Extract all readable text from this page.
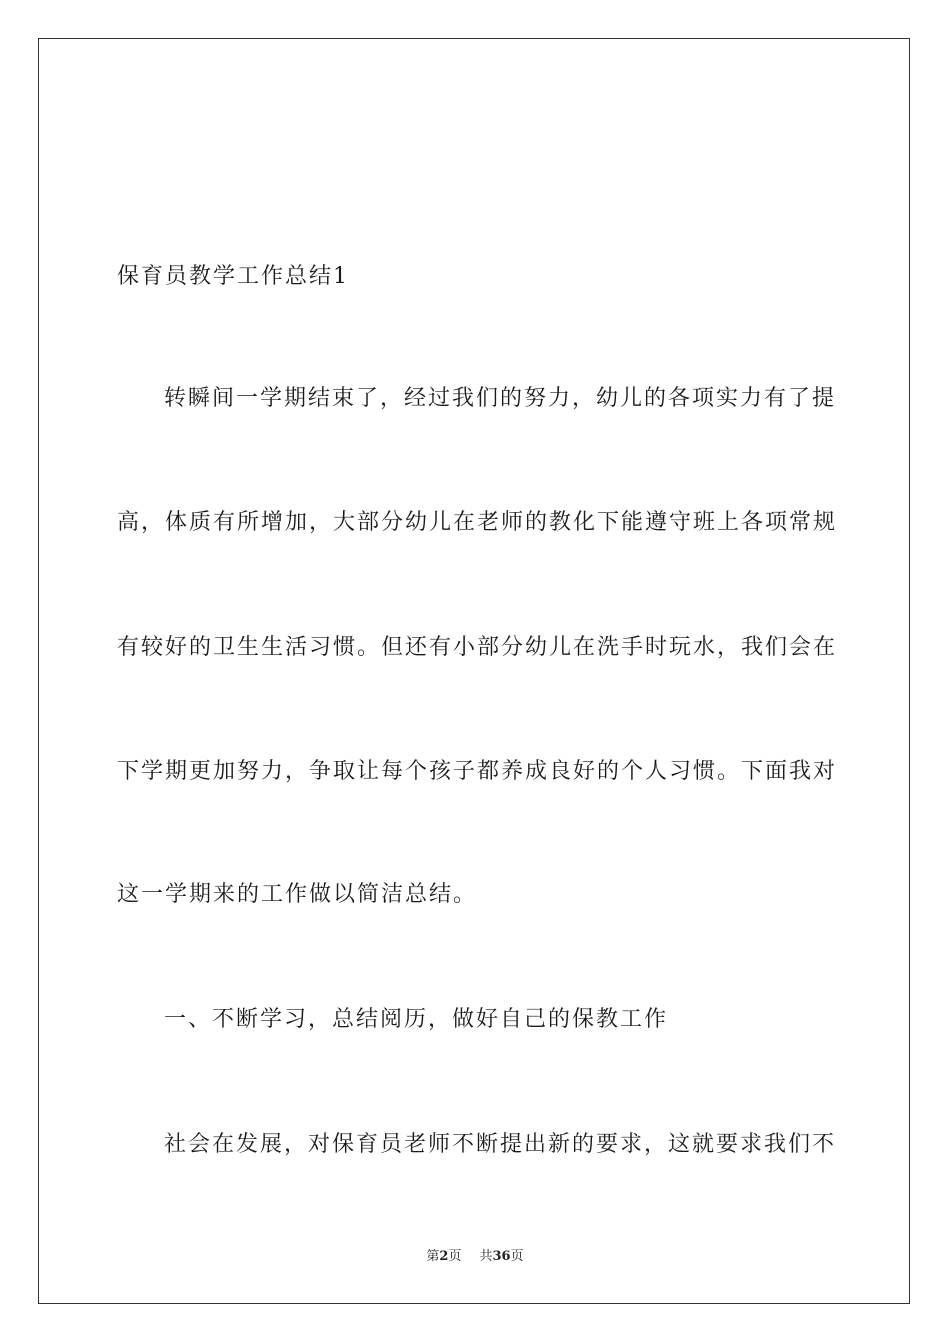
保育员教学工作总结1
转瞬间一学期结束了，经过我们的努力，幼儿的各项实力有了提
高，体质有所增加，大部分幼儿在老师的教化下能遵守班上各项常规
有较好的卫生生活习惯。但还有小部分幼儿在洗手时玩水，我们会在
下学期更加努力，争取让每个孩子都养成良好的个人习惯。下面我对
这一学期来的工作做以简洁总结。
一、不断学习，总结阅历，做好自己的保教工作
社会在发展，对保育员老师不断提出新的要求，这就要求我们不
第2页 共36页
